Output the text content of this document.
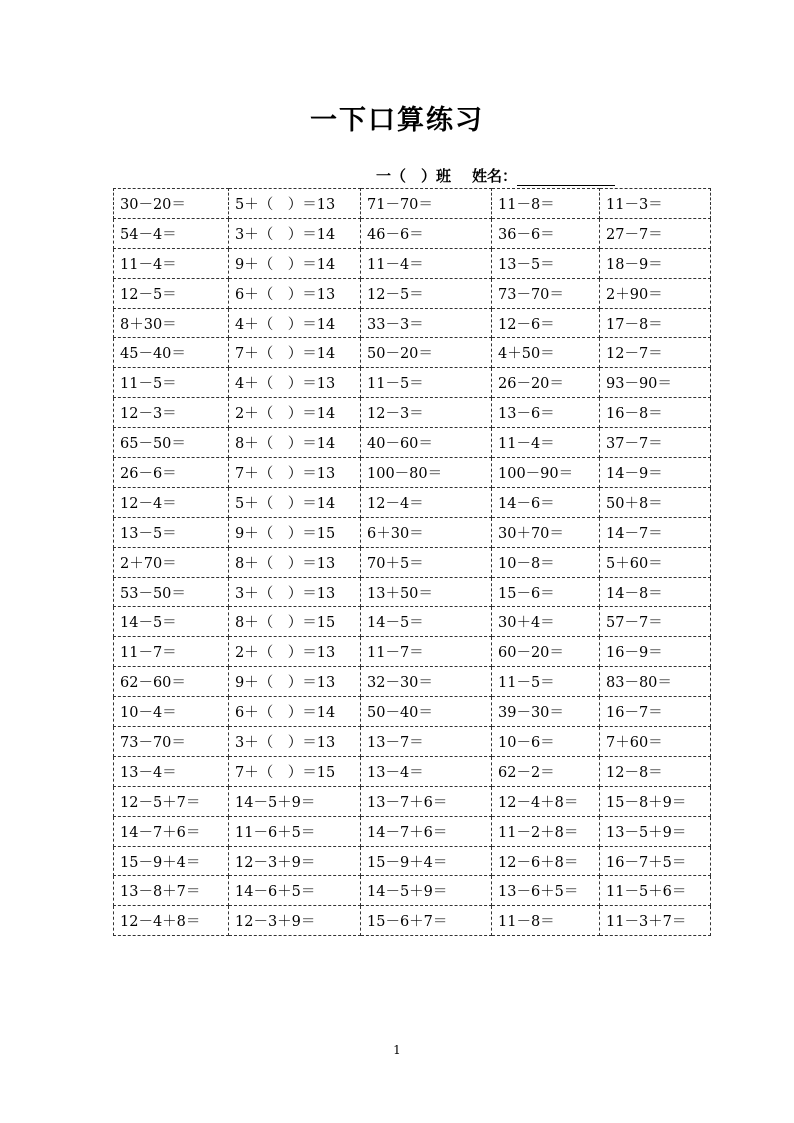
一下口算练习
一（　）班 姓名：
30－20＝	5＋（　）＝13	71－70＝	11－8＝	11－3＝
54－4＝	3＋（　）＝14	46－6＝	36－6＝	27－7＝
11－4＝	9＋（　）＝14	11－4＝	13－5＝	18－9＝
12－5＝	6＋（　）＝13	12－5＝	73－70＝	2＋90＝
8＋30＝	4＋（　）＝14	33－3＝	12－6＝	17－8＝
45－40＝	7＋（　）＝14	50－20＝	4＋50＝	12－7＝
11－5＝	4＋（　）＝13	11－5＝	26－20＝	93－90＝
12－3＝	2＋（　）＝14	12－3＝	13－6＝	16－8＝
65－50＝	8＋（　）＝14	40－60＝	11－4＝	37－7＝
26－6＝	7＋（　）＝13	100－80＝	100－90＝	14－9＝
12－4＝	5＋（　）＝14	12－4＝	14－6＝	50＋8＝
13－5＝	9＋（　）＝15	6＋30＝	30＋70＝	14－7＝
2＋70＝	8＋（　）＝13	70＋5＝	10－8＝	5＋60＝
53－50＝	3＋（　）＝13	13＋50＝	15－6＝	14－8＝
14－5＝	8＋（　）＝15	14－5＝	30＋4＝	57－7＝
11－7＝	2＋（　）＝13	11－7＝	60－20＝	16－9＝
62－60＝	9＋（　）＝13	32－30＝	11－5＝	83－80＝
10－4＝	6＋（　）＝14	50－40＝	39－30＝	16－7＝
73－70＝	3＋（　）＝13	13－7＝	10－6＝	7＋60＝
13－4＝	7＋（　）＝15	13－4＝	62－2＝	12－8＝
12－5＋7＝	14－5＋9＝	13－7＋6＝	12－4＋8＝	15－8＋9＝
14－7＋6＝	11－6＋5＝	14－7＋6＝	11－2＋8＝	13－5＋9＝
15－9＋4＝	12－3＋9＝	15－9＋4＝	12－6＋8＝	16－7＋5＝
13－8＋7＝	14－6＋5＝	14－5＋9＝	13－6＋5＝	11－5＋6＝
12－4＋8＝	12－3＋9＝	15－6＋7＝	11－8＝	11－3＋7＝
1
